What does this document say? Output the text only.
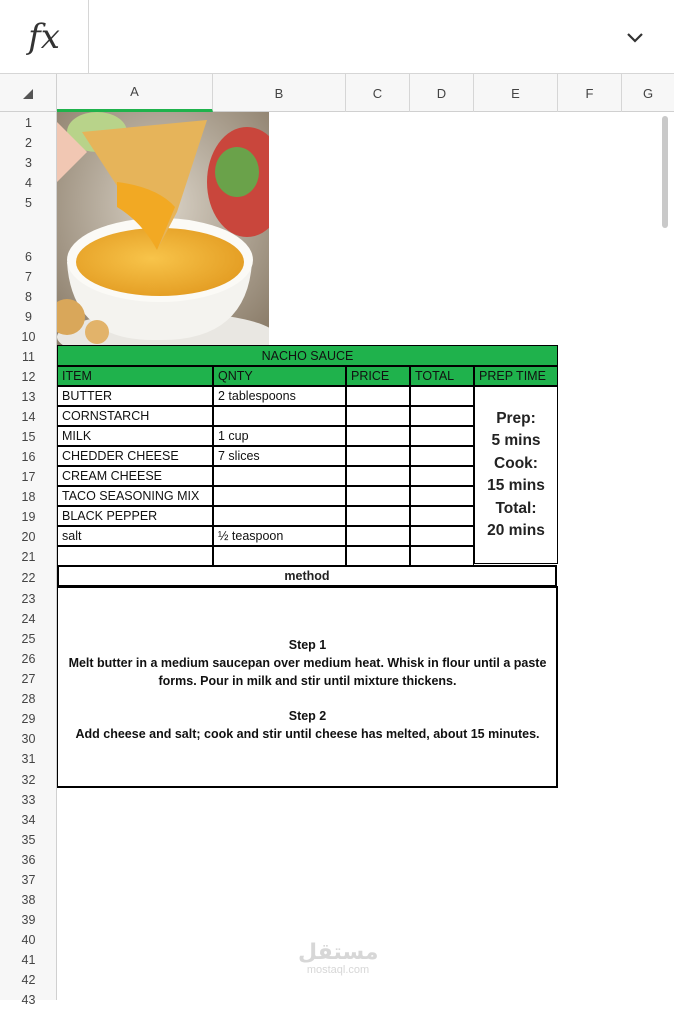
fx
A	B	C	D	E	F	G
1
2
3
4
5
6
7
8
9
10
11
12
13
14
15
16
17
18
19
20
21
22
23
24
25
26
27
28
29
30
31
32
33
34
35
36
37
38
39
40
41
42
43
NACHO SAUCE
ITEM	QNTY	PRICE	TOTAL	PREP TIME
BUTTER	2 tablespoons
CORNSTARCH
MILK	1 cup
CHEDDER CHEESE	7 slices
CREAM CHEESE
TACO SEASONING MIX
BLACK PEPPER
salt	½ teaspoon
Prep:
5 mins
Cook:
15 mins
Total:
20 mins
method
Step 1
Melt butter in a medium saucepan over medium heat. Whisk in flour until a paste
forms. Pour in milk and stir until mixture thickens.
Step 2
Add cheese and salt; cook and stir until cheese has melted, about 15 minutes.
مستقل
mostaql.com
